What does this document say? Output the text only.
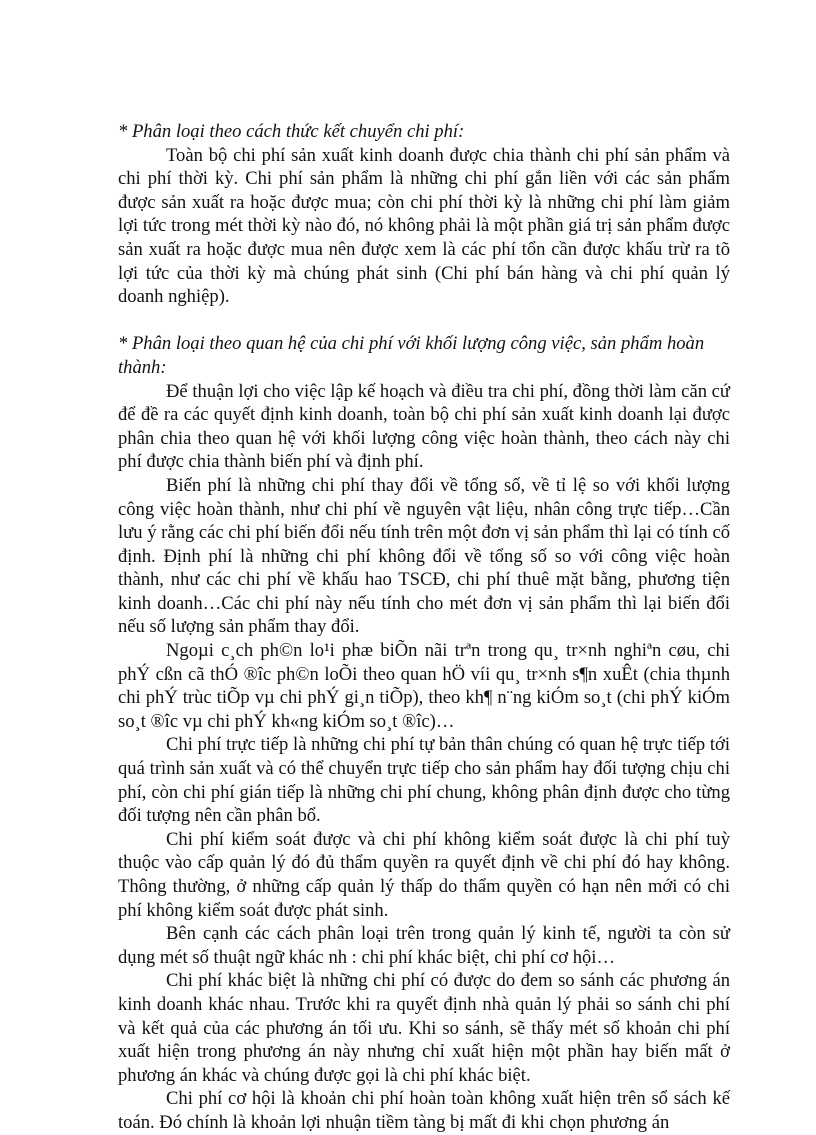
* Phân loại theo cách thức kết chuyển chi phí:

Toàn bộ chi phí sản xuất kinh doanh được chia thành chi phí sản phẩm và chi phí thời kỳ. Chi phí sản phẩm là những chi phí gắn liền với các sản phẩm được sản xuất ra hoặc được mua; còn chi phí thời kỳ là những chi phí làm giảm lợi tức trong mét thời kỳ nào đó, nó không phải là một phần giá trị sản phẩm được sản xuất ra hoặc được mua nên được xem là các phí tổn cần được khấu trừ ra tõ lợi tức của thời kỳ mà chúng phát sinh (Chi phí bán hàng và chi phí quản lý doanh nghiệp).

* Phân loại theo quan hệ của chi phí với khối lượng công việc, sản phẩm hoàn thành:

Để thuận lợi cho việc lập kế hoạch và điều tra chi phí, đồng thời làm căn cứ để đề ra các quyết định kinh doanh, toàn bộ chi phí sản xuất kinh doanh lại được phân chia theo quan hệ với khối lượng công việc hoàn thành, theo cách này chi phí được chia thành biến phí và định phí.

Biến phí là những chi phí thay đổi về tổng số, về tỉ lệ so với khối lượng công việc hoàn thành, như chi phí về nguyên vật liệu, nhân công trực tiếp…Cần lưu ý rằng các chi phí biến đổi nếu tính trên một đơn vị sản phẩm thì lại có tính cố định. Định phí là những chi phí không đổi về tổng số so với công việc hoàn thành, như các chi phí về khấu hao TSCĐ, chi phí thuê mặt bằng, phương tiện kinh doanh…Các chi phí này nếu tính cho mét đơn vị sản phẩm thì lại biến đổi nếu số lượng sản phẩm thay đổi.

Ngoµi c¸ch ph©n lo¹i phæ biÕn nãi trªn trong qu¸ tr×nh nghiªn cøu, chi phÝ cßn cã thÓ ®îc ph©n loÕi theo quan hÖ víi qu¸ tr×nh s¶n xuÊt (chia thµnh chi phÝ trùc tiÕp vµ chi phÝ gi¸n tiÕp), theo kh¶ n¨ng kiÓm so¸t (chi phÝ kiÓm so¸t ®îc vµ chi phÝ kh«ng kiÓm so¸t ®îc)…

Chi phí trực tiếp là những chi phí tự bản thân chúng có quan hệ trực tiếp tới quá trình sản xuất và có thể chuyển trực tiếp cho sản phẩm hay đối tượng chịu chi phí, còn chi phí gián tiếp là những chi phí chung, không phân định được cho từng đối tượng nên cần phân bổ.

Chi phí kiểm soát được và chi phí không kiểm soát được là chi phí tuỳ thuộc vào cấp quản lý đó đủ thẩm quyền ra quyết định về chi phí đó hay không. Thông thường, ở những cấp quản lý thấp do thẩm quyền có hạn nên mới có chi phí không kiểm soát được phát sinh.

Bên cạnh các cách phân loại trên trong quản lý kinh tế, người ta còn sử dụng mét số thuật ngữ khác nh : chi phí khác biệt, chi phí cơ hội…

Chi phí khác biệt là những chi phí có được do đem so sánh các phương án kinh doanh khác nhau. Trước khi ra quyết định nhà quản lý phải so sánh chi phí và kết quả của các phương án tối ưu. Khi so sánh, sẽ thấy mét số khoản chi phí xuất hiện trong phương án này nhưng chỉ xuất hiện một phần hay biến mất ở phương án khác và chúng được gọi là chi phí khác biệt.

Chi phí cơ hội là khoản chi phí hoàn toàn không xuất hiện trên sổ sách kế toán. Đó chính là khoản lợi nhuận tiềm tàng bị mất đi khi chọn phương án
